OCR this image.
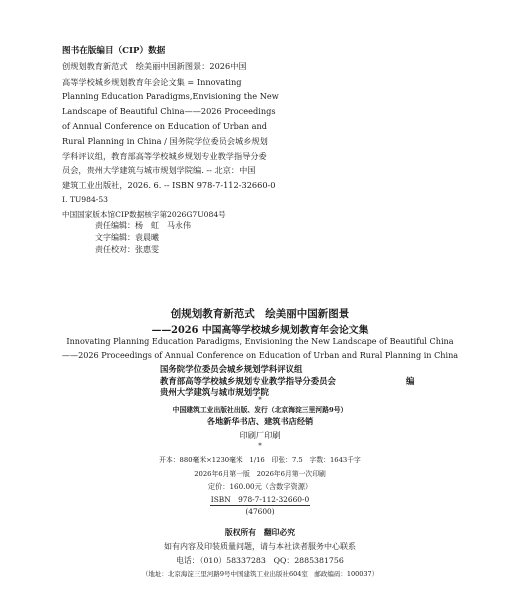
图书在版编目（CIP）数据
创规划教育新范式　绘美丽中国新图景：2026中国
高等学校城乡规划教育年会论文集 = Innovating
Planning Education Paradigms,Envisioning the New
Landscape of Beautiful China——2026 Proceedings
of Annual Conference on Education of Urban and
Rural Planning in China / 国务院学位委员会城乡规划
学科评议组，教育部高等学校城乡规划专业教学指导分委
员会，贵州大学建筑与城市规划学院编. -- 北京：中国
建筑工业出版社，2026. 6. -- ISBN 978-7-112-32660-0
Ⅰ. TU984-53
中国国家版本馆CIP数据核字第2026G7U084号
责任编辑：杨　虹　马永伟
文字编辑：袁晨曦
责任校对：张惠雯
创规划教育新范式　绘美丽中国新图景
——2026 中国高等学校城乡规划教育年会论文集
Innovating Planning Education Paradigms, Envisioning the New Landscape of Beautiful China
——2026 Proceedings of Annual Conference on Education of Urban and Rural Planning in China
国务院学位委员会城乡规划学科评议组
教育部高等学校城乡规划专业教学指导分委员会
贵州大学建筑与城市规划学院
编
*
中国建筑工业出版社出版、发行（北京海淀三里河路9号）
各地新华书店、建筑书店经销
印刷厂印刷
*
开本：880毫米×1230毫米　1/16　印张：7.5　字数：1643千字
2026年6月第一版　2026年6月第一次印刷
定价：160.00元（含数字资源）
ISBN　978-7-112-32660-0
(47600)
版权所有　翻印必究
如有内容及印装质量问题，请与本社读者服务中心联系
电话：（010）58337283　QQ：2885381756
（地址：北京海淀三里河路9号中国建筑工业出版社604室　邮政编码：100037）
